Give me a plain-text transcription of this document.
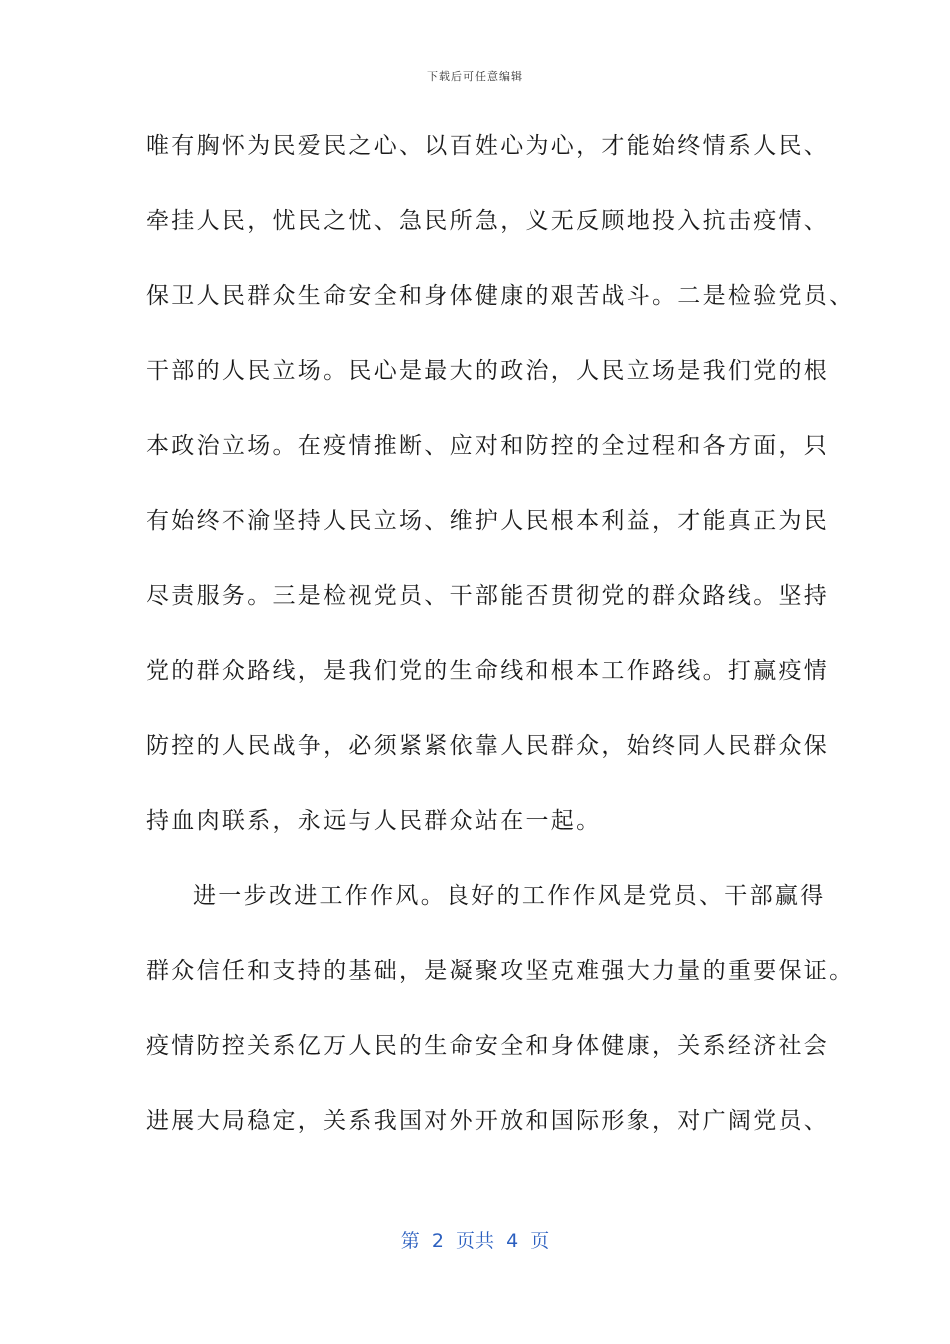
下载后可任意编辑
唯有胸怀为民爱民之心、以百姓心为心，才能始终情系人民、
牵挂人民，忧民之忧、急民所急，义无反顾地投入抗击疫情、
保卫人民群众生命安全和身体健康的艰苦战斗。二是检验党员、
干部的人民立场。民心是最大的政治，人民立场是我们党的根
本政治立场。在疫情推断、应对和防控的全过程和各方面，只
有始终不渝坚持人民立场、维护人民根本利益，才能真正为民
尽责服务。三是检视党员、干部能否贯彻党的群众路线。坚持
党的群众路线，是我们党的生命线和根本工作路线。打赢疫情
防控的人民战争，必须紧紧依靠人民群众，始终同人民群众保
持血肉联系，永远与人民群众站在一起。
进一步改进工作作风。良好的工作作风是党员、干部赢得
群众信任和支持的基础，是凝聚攻坚克难强大力量的重要保证。
疫情防控关系亿万人民的生命安全和身体健康，关系经济社会
进展大局稳定，关系我国对外开放和国际形象，对广阔党员、
第  2  页共  4  页
